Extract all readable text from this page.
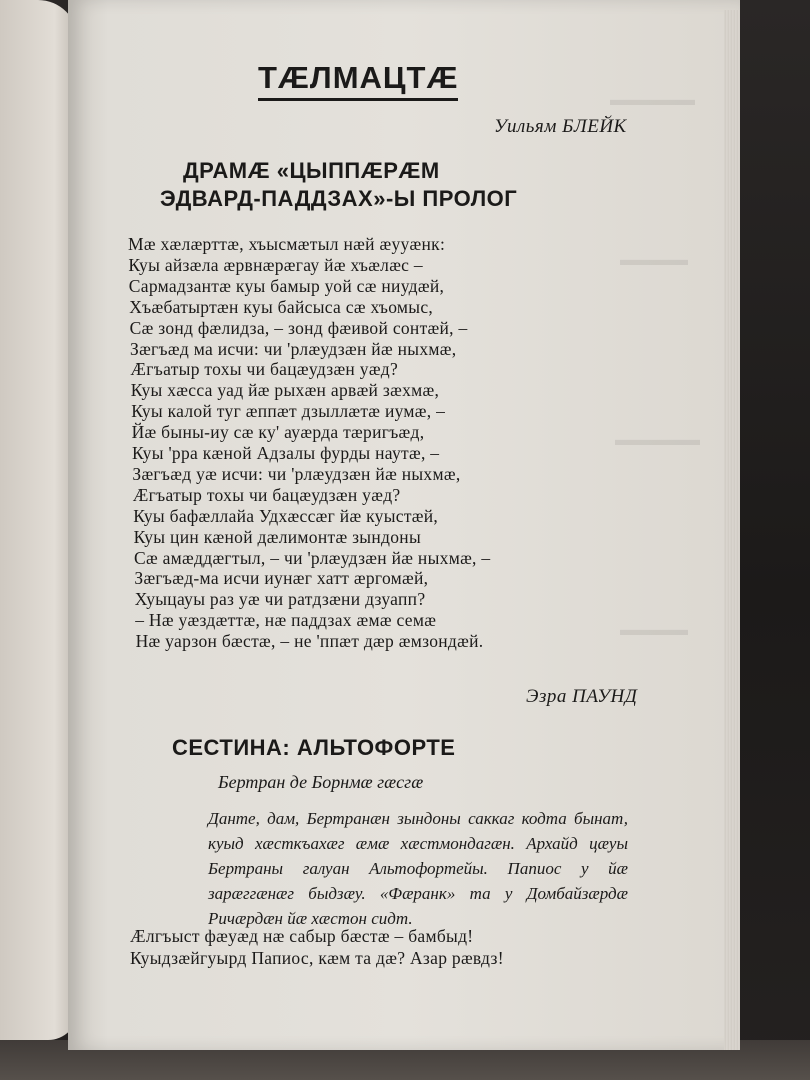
▬▬▬▬▬
▬▬▬▬
▬▬▬▬▬
▬▬▬▬
ТÆЛМАЦТÆ
Уильям БЛЕЙК
ДРАМÆ «ЦЫППÆРÆМ
ЭДВАРД-ПАДДЗАХ»-Ы ПРОЛОГ
Мæ хæлæрттæ, хъысмæтыл нæй æууæнк:
Куы айзæла æрвнæрæгау йæ хъæлæс –
Сармадзантæ куы бамыр уой сæ ниудæй,
Хъæбатыртæн куы байсыса сæ хъомыс,
Сæ зонд фæлидза, – зонд фæивой сонтæй, –
Зæгъæд ма исчи: чи 'рлæудзæн йæ ныхмæ,
Æгъатыр тохы чи бацæудзæн уæд?
Куы хæсса уад йæ рыхæн арвæй зæхмæ,
Куы калой туг æппæт дзыллæтæ иумæ, –
Йæ быны-иу сæ ку' ауæрда тæригъæд,
Куы 'рра кæной Адзалы фурды наутæ, –
Зæгъæд уæ исчи: чи 'рлæудзæн йæ ныхмæ,
Æгъатыр тохы чи бацæудзæн уæд?
Куы бафæллайа Удхæссæг йæ куыстæй,
Куы цин кæной дæлимонтæ зындоны
Сæ амæддæгтыл, – чи 'рлæудзæн йæ ныхмæ, –
Зæгъæд-ма исчи иунæг хатт æргомæй,
Хуыцауы раз уæ чи ратдзæни дзуапп?
– Нæ уæздæттæ, нæ паддзах æмæ семæ
Нæ уарзон бæстæ, – не 'ппæт дæр æмзондæй.
Эзра ПАУНД
СЕСТИНА: АЛЬТОФОРТЕ
Бертран де Борнмæ гæсгæ
Данте, дам, Бертранæн зындоны саккаг кодта бынат, куыд хæсткъахæг æмæ хæстмондагæн. Архайд цæуы Бертраны галуан Альтофортейы. Папиос у йæ зарæггæнæг быдзæу. «Фæранк» та у Домбайзæрдæ Ричæрдæн йæ хæстон сидт.
Æлгъыст фæуæд нæ сабыр бæстæ – бамбыд!
Куыдзæйгуырд Папиос, кæм та дæ? Азар рæвдз!
